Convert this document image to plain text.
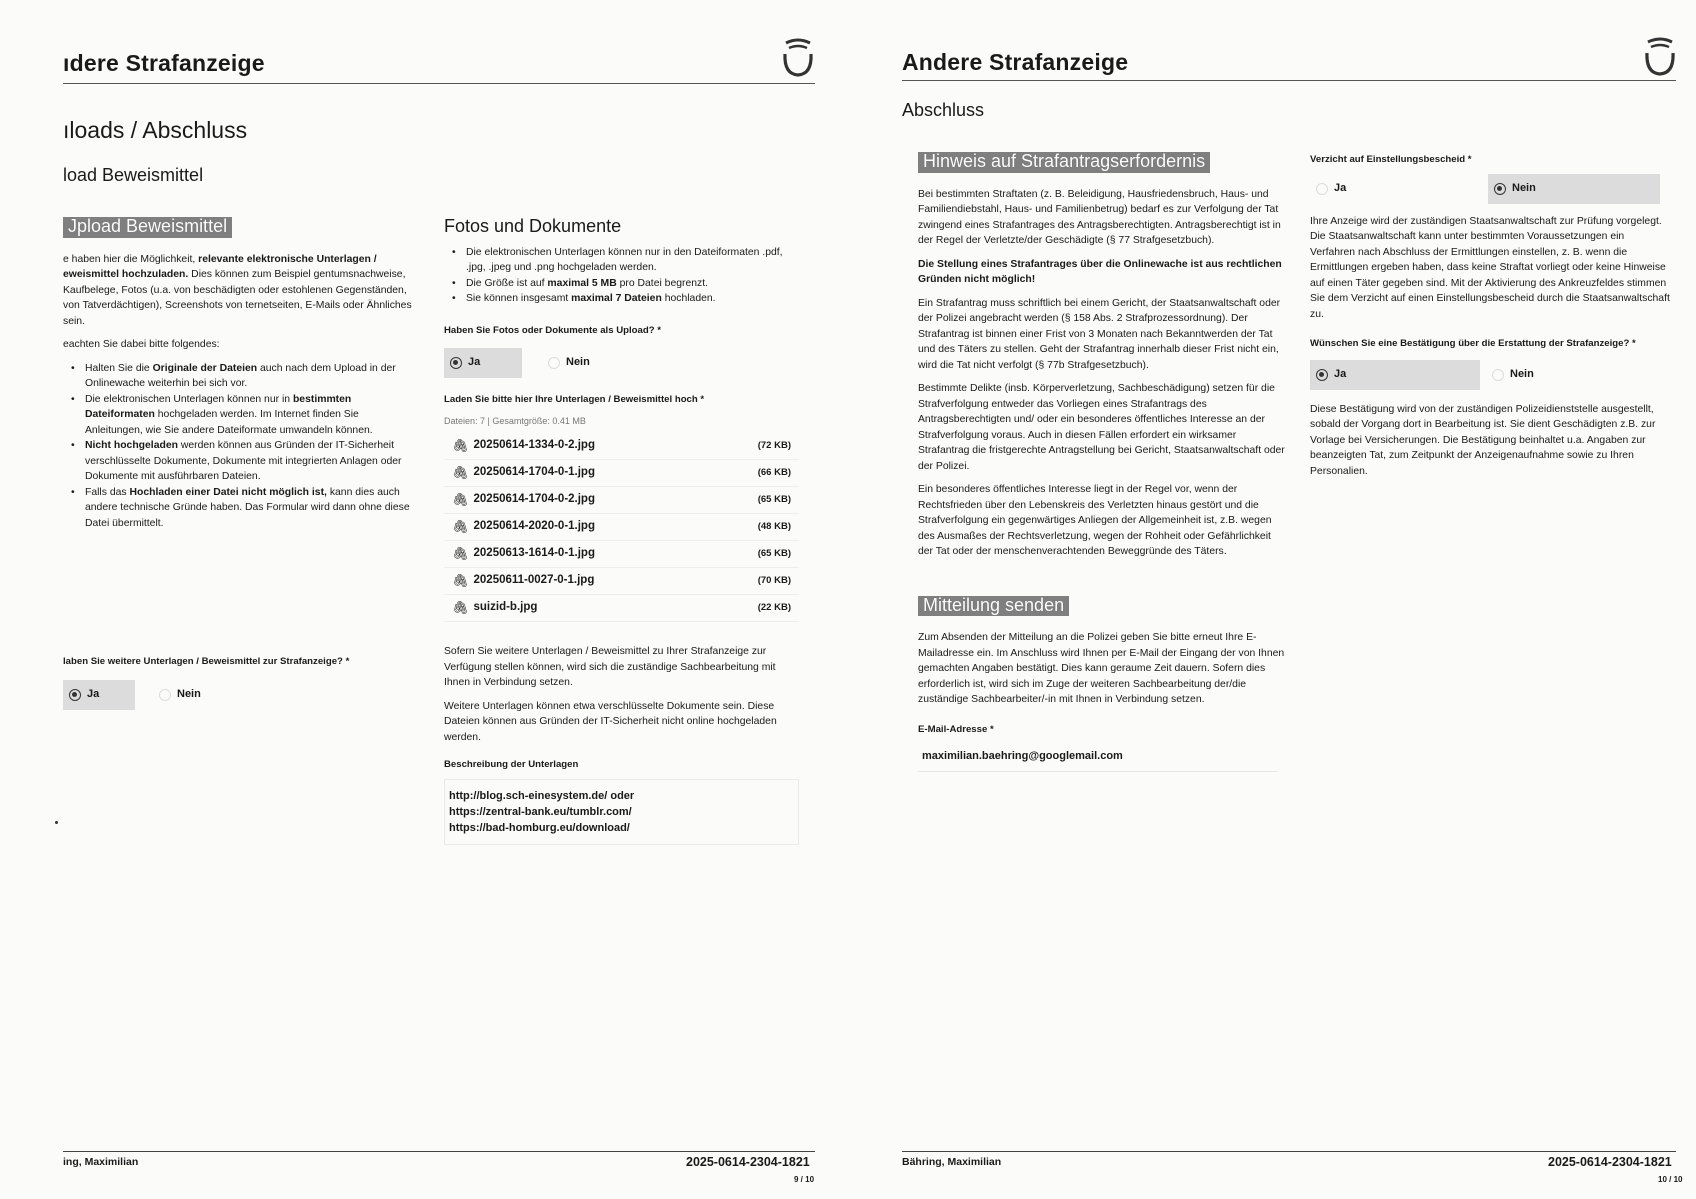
ıdere Strafanzeige
ıloads / Abschluss
load Beweismittel
Jpload Beweismittel

e haben hier die Möglichkeit, relevante elektronische Unterlagen / eweismittel hochzuladen. Dies können zum Beispiel gentumsnachweise, Kaufbelege, Fotos (u.a. von beschädigten oder estohlenen Gegenständen, von Tatverdächtigen), Screenshots von ternetseiten, E-Mails oder Ähnliches sein.

eachten Sie dabei bitte folgendes:

• Halten Sie die Originale der Dateien auch nach dem Upload in der Onlinewache weiterhin bei sich vor.
• Die elektronischen Unterlagen können nur in bestimmten Dateiformaten hochgeladen werden. Im Internet finden Sie Anleitungen, wie Sie andere Dateiformate umwandeln können.
• Nicht hochgeladen werden können aus Gründen der IT-Sicherheit verschlüsselte Dokumente, Dokumente mit integrierten Anlagen oder Dokumente mit ausführbaren Dateien.
• Falls das Hochladen einer Datei nicht möglich ist, kann dies auch andere technische Gründe haben. Das Formular wird dann ohne diese Datei übermittelt.
laben Sie weitere Unterlagen / Beweismittel zur Strafanzeige? *
Ja	Nein
Fotos und Dokumente
• Die elektronischen Unterlagen können nur in den Dateiformaten .pdf, .jpg, .jpeg und .png hochgeladen werden.
• Die Größe ist auf maximal 5 MB pro Datei begrenzt.
• Sie können insgesamt maximal 7 Dateien hochladen.
Haben Sie Fotos oder Dokumente als Upload? *
Ja	Nein
Laden Sie bitte hier Ihre Unterlagen / Beweismittel hoch *
Dateien: 7 | Gesamtgröße: 0.41 MB
🖇 20250614-1334-0-2.jpg	(72 KB)
🖇 20250614-1704-0-1.jpg	(66 KB)
🖇 20250614-1704-0-2.jpg	(65 KB)
🖇 20250614-2020-0-1.jpg	(48 KB)
🖇 20250613-1614-0-1.jpg	(65 KB)
🖇 20250611-0027-0-1.jpg	(70 KB)
🖇 suizid-b.jpg	(22 KB)

Sofern Sie weitere Unterlagen / Beweismittel zu Ihrer Strafanzeige zur Verfügung stellen können, wird sich die zuständige Sachbearbeitung mit Ihnen in Verbindung setzen.

Weitere Unterlagen können etwa verschlüsselte Dokumente sein. Diese Dateien können aus Gründen der IT-Sicherheit nicht online hochgeladen werden.

Beschreibung der Unterlagen
http://blog.sch-einesystem.de/ oder
https://zentral-bank.eu/tumblr.com/
https://bad-homburg.eu/download/
ing, Maximilian	2025-0614-2304-1821
9 / 10
Andere Strafanzeige
Abschluss
Hinweis auf Strafantragserfordernis

Bei bestimmten Straftaten (z. B. Beleidigung, Hausfriedensbruch, Haus- und Familiendiebstahl, Haus- und Familienbetrug) bedarf es zur Verfolgung der Tat zwingend eines Strafantrages des Antragsberechtigten. Antragsberechtigt ist in der Regel der Verletzte/der Geschädigte (§ 77 Strafgesetzbuch).

Die Stellung eines Strafantrages über die Onlinewache ist aus rechtlichen Gründen nicht möglich!

Ein Strafantrag muss schriftlich bei einem Gericht, der Staatsanwaltschaft oder der Polizei angebracht werden (§ 158 Abs. 2 Strafprozessordnung). Der Strafantrag ist binnen einer Frist von 3 Monaten nach Bekanntwerden der Tat und des Täters zu stellen. Geht der Strafantrag innerhalb dieser Frist nicht ein, wird die Tat nicht verfolgt (§ 77b Strafgesetzbuch).

Bestimmte Delikte (insb. Körperverletzung, Sachbeschädigung) setzen für die Strafverfolgung entweder das Vorliegen eines Strafantrags des Antragsberechtigten und/ oder ein besonderes öffentliches Interesse an der Strafverfolgung voraus. Auch in diesen Fällen erfordert ein wirksamer Strafantrag die fristgerechte Antragstellung bei Gericht, Staatsanwaltschaft oder der Polizei.

Ein besonderes öffentliches Interesse liegt in der Regel vor, wenn der Rechtsfrieden über den Lebenskreis des Verletzten hinaus gestört und die Strafverfolgung ein gegenwärtiges Anliegen der Allgemeinheit ist, z.B. wegen des Ausmaßes der Rechtsverletzung, wegen der Rohheit oder Gefährlichkeit der Tat oder der menschenverachtenden Beweggründe des Täters.

Mitteilung senden

Zum Absenden der Mitteilung an die Polizei geben Sie bitte erneut Ihre E-Mailadresse ein. Im Anschluss wird Ihnen per E-Mail der Eingang der von Ihnen gemachten Angaben bestätigt. Dies kann geraume Zeit dauern. Sofern dies erforderlich ist, wird sich im Zuge der weiteren Sachbearbeitung der/die zuständige Sachbearbeiter/-in mit Ihnen in Verbindung setzen.

E-Mail-Adresse *
maximilian.baehring@googlemail.com
Verzicht auf Einstellungsbescheid *
Ja	Nein

Ihre Anzeige wird der zuständigen Staatsanwaltschaft zur Prüfung vorgelegt. Die Staatsanwaltschaft kann unter bestimmten Voraussetzungen ein Verfahren nach Abschluss der Ermittlungen einstellen, z. B. wenn die Ermittlungen ergeben haben, dass keine Straftat vorliegt oder keine Hinweise auf einen Täter gegeben sind. Mit der Aktivierung des Ankreuzfeldes stimmen Sie dem Verzicht auf einen Einstellungsbescheid durch die Staatsanwaltschaft zu.

Wünschen Sie eine Bestätigung über die Erstattung der Strafanzeige? *
Ja	Nein

Diese Bestätigung wird von der zuständigen Polizeidienststelle ausgestellt, sobald der Vorgang dort in Bearbeitung ist. Sie dient Geschädigten z.B. zur Vorlage bei Versicherungen. Die Bestätigung beinhaltet u.a. Angaben zur beanzeigten Tat, zum Zeitpunkt der Anzeigenaufnahme sowie zu Ihren Personalien.

Bähring, Maximilian	2025-0614-2304-1821
10 / 10
